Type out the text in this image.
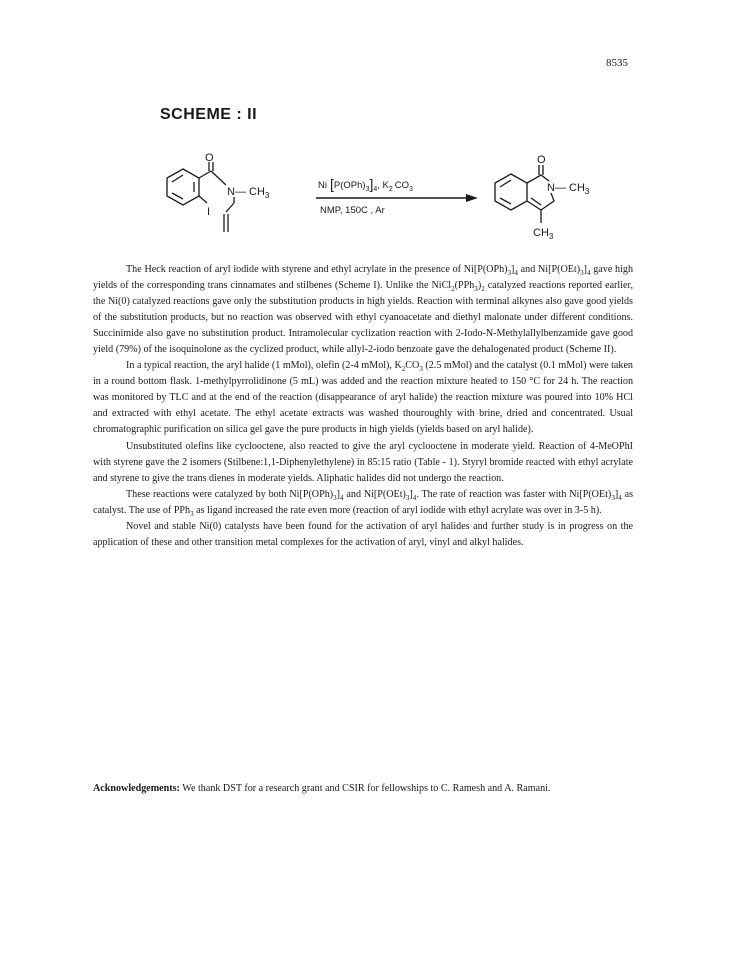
8535
SCHEME : II
O
N— $CH_3$
I
Ni $[P(OPh)_3]_4$, $K_2$ $CO_3$
NMP, 150C , Ar
O
N— $CH_3$
$CH_3$

The Heck reaction of aryl iodide with styrene and ethyl acrylate in the presence of $Ni[P(OPh)_3]_4$ and $Ni[P(OEt)_3]_4$ gave high yields of the corresponding trans cinnamates and stilbenes (Scheme I). Unlike the $NiCl_2(PPh_3)_2$ catalyzed reactions reported earlier, the Ni(0) catalyzed reactions gave only the substitution products in high yields. Reaction with terminal alkynes also gave good yields of the substitution products, but no reaction was observed with ethyl cyanoacetate and diethyl malonate under different conditions. Succinimide also gave no substitution product. Intramolecular cyclization reaction with 2-Iodo-N-Methylallylbenzamide gave good yield (79%) of the isoquinolone as the cyclized product, while allyl-2-iodo benzoate gave the dehalogenated product (Scheme II).

In a typical reaction, the aryl halide (1 mMol), olefin (2-4 mMol), $K_2CO_3$ (2.5 mMol) and the catalyst (0.1 mMol) were taken in a round bottom flask. 1-methylpyrrolidinone (5 mL) was added and the reaction mixture heated to 150 °C for 24 h. The reaction was monitored by TLC and at the end of the reaction (disappearance of aryl halide) the reaction mixture was poured into 10% HCl and extracted with ethyl acetate. The ethyl acetate extracts was washed thouroughly with brine, dried and concentrated. Usual chromatographic purification on silica gel gave the pure products in high yields (yields based on aryl halide).

Unsubstituted olefins like cyclooctene, also reacted to give the aryl cyclooctene in moderate yield. Reaction of 4-MeOPhI with styrene gave the 2 isomers (Stilbene:1,1-Diphenylethylene) in 85:15 ratio (Table - 1). Styryl bromide reacted with ethyl acrylate and styrene to give the trans dienes in moderate yields. Aliphatic halides did not undergo the reaction.

These reactions were catalyzed by both $Ni[P(OPh)_3]_4$ and $Ni[P(OEt)_3]_4$. The rate of reaction was faster with $Ni[P(OEt)_3]_4$ as catalyst. The use of PPh$_3$ as ligand increased the rate even more (reaction of aryl iodide with ethyl acrylate was over in 3-5 h).

Novel and stable Ni(0) catalysts have been found for the activation of aryl halides and further study is in progress on the application of these and other transition metal complexes for the activation of aryl, vinyl and alkyl halides.

Acknowledgements: We thank DST for a research grant and CSIR for fellowships to C. Ramesh and A. Ramani.
